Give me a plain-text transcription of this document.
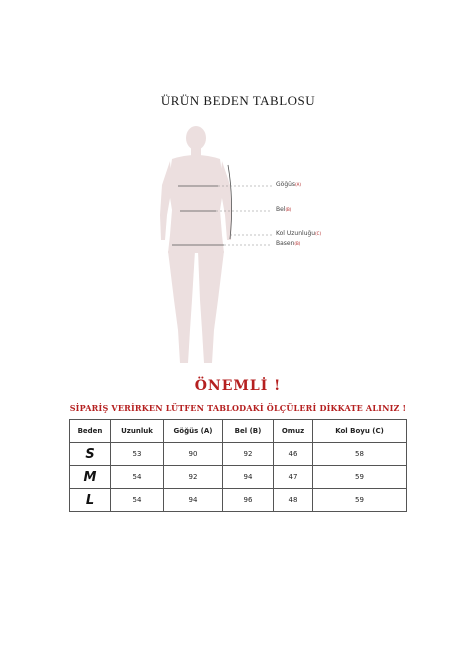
ÜRÜN BEDEN TABLOSU
Göğüs(A)
Bel(B)
Kol Uzunluğu(C)
Basen(B)
ÖNEMLİ !
SİPARİŞ VERİRKEN LÜTFEN TABLODAKİ ÖLÇÜLERİ DİKKATE ALINIZ !
Beden	Uzunluk	Göğüs (A)	Bel (B)	Omuz	Kol Boyu (C)
S	53	90	92	46	58
M	54	92	94	47	59
L	54	94	96	48	59
